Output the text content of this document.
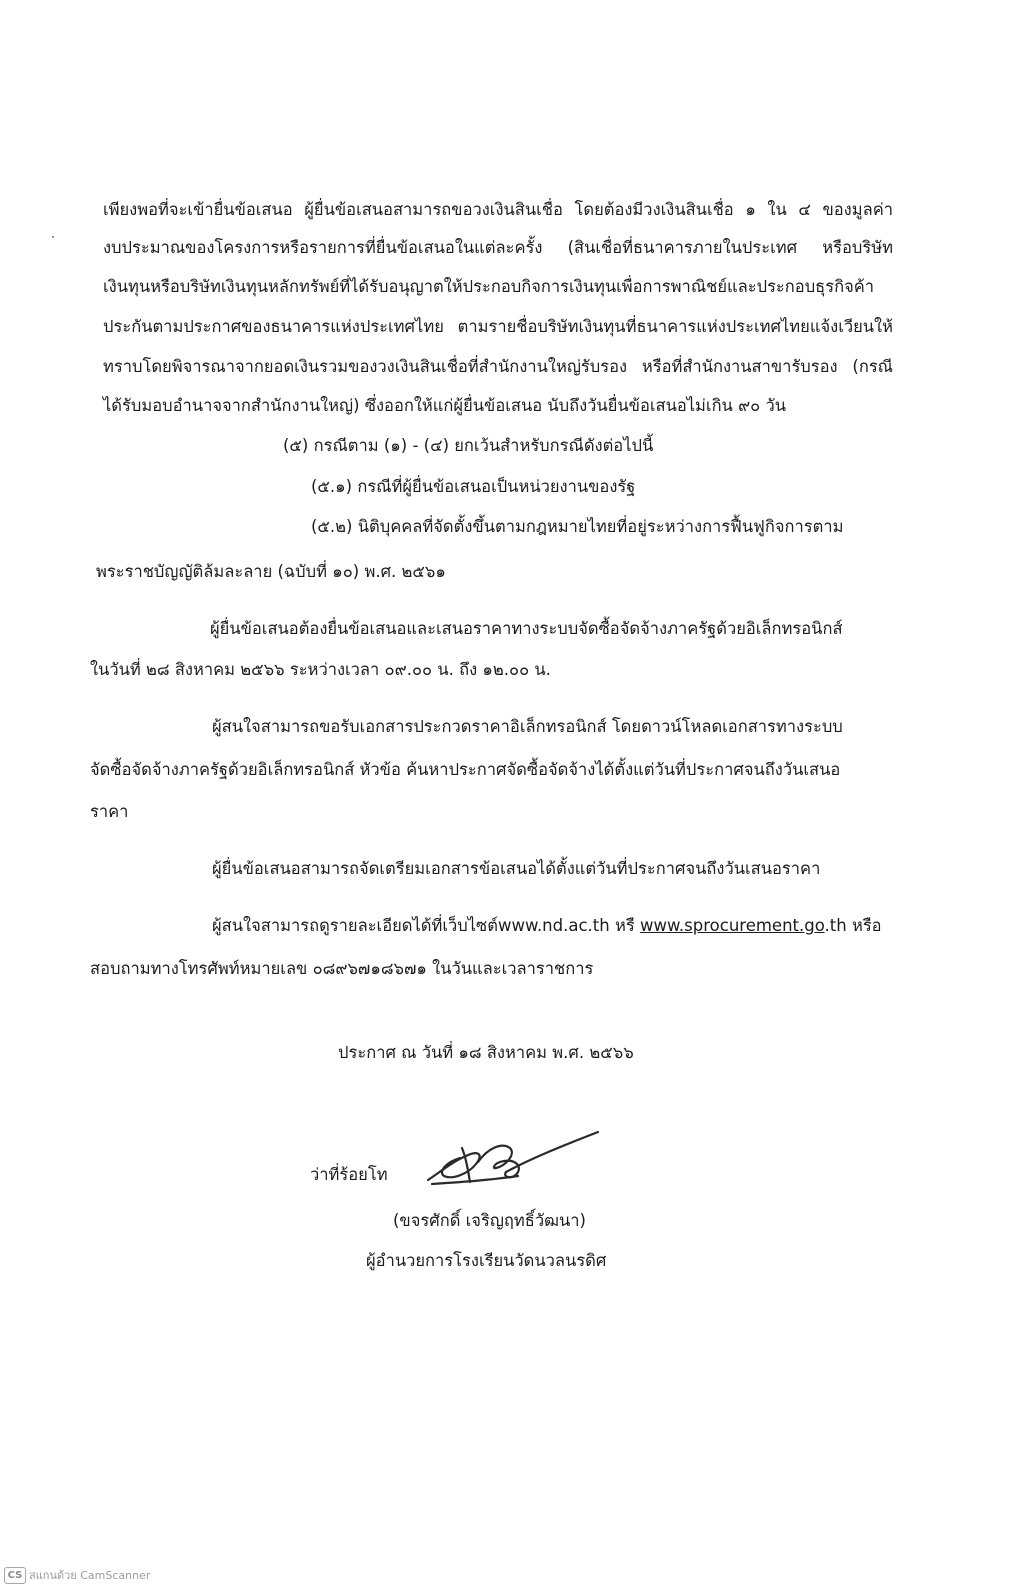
เพียงพอที่จะเข้ายื่นข้อเสนอ ผู้ยื่นข้อเสนอสามารถขอวงเงินสินเชื่อ โดยต้องมีวงเงินสินเชื่อ ๑ ใน ๔ ของมูลค่า
งบประมาณของโครงการหรือรายการที่ยื่นข้อเสนอในแต่ละครั้ง (สินเชื่อที่ธนาคารภายในประเทศ หรือบริษัท
เงินทุนหรือบริษัทเงินทุนหลักทรัพย์ที่ได้รับอนุญาตให้ประกอบกิจการเงินทุนเพื่อการพาณิชย์และประกอบธุรกิจค้า
ประกันตามประกาศของธนาคารแห่งประเทศไทย ตามรายชื่อบริษัทเงินทุนที่ธนาคารแห่งประเทศไทยแจ้งเวียนให้
ทราบโดยพิจารณาจากยอดเงินรวมของวงเงินสินเชื่อที่สำนักงานใหญ่รับรอง หรือที่สำนักงานสาขารับรอง (กรณี
ได้รับมอบอำนาจจากสำนักงานใหญ่) ซึ่งออกให้แก่ผู้ยื่นข้อเสนอ นับถึงวันยื่นข้อเสนอไม่เกิน ๙๐ วัน
(๕) กรณีตาม (๑) - (๔) ยกเว้นสำหรับกรณีดังต่อไปนี้
(๕.๑) กรณีที่ผู้ยื่นข้อเสนอเป็นหน่วยงานของรัฐ
(๕.๒) นิติบุคคลที่จัดตั้งขึ้นตามกฎหมายไทยที่อยู่ระหว่างการฟื้นฟูกิจการตาม
พระราชบัญญัติล้มละลาย (ฉบับที่ ๑๐) พ.ศ. ๒๕๖๑
ผู้ยื่นข้อเสนอต้องยื่นข้อเสนอและเสนอราคาทางระบบจัดซื้อจัดจ้างภาครัฐด้วยอิเล็กทรอนิกส์
ในวันที่ ๒๘ สิงหาคม ๒๕๖๖ ระหว่างเวลา ๐๙.๐๐ น. ถึง ๑๒.๐๐ น.
ผู้สนใจสามารถขอรับเอกสารประกวดราคาอิเล็กทรอนิกส์ โดยดาวน์โหลดเอกสารทางระบบ
จัดซื้อจัดจ้างภาครัฐด้วยอิเล็กทรอนิกส์ หัวข้อ ค้นหาประกาศจัดซื้อจัดจ้างได้ตั้งแต่วันที่ประกาศจนถึงวันเสนอ
ราคา
ผู้ยื่นข้อเสนอสามารถจัดเตรียมเอกสารข้อเสนอได้ตั้งแต่วันที่ประกาศจนถึงวันเสนอราคา
ผู้สนใจสามารถดูรายละเอียดได้ที่เว็บไซต์www.nd.ac.th หรื www.sprocurement.go.th หรือ
สอบถามทางโทรศัพท์หมายเลข ๐๘๙๖๗๑๘๖๗๑ ในวันและเวลาราชการ
ประกาศ ณ วันที่ ๑๘ สิงหาคม พ.ศ. ๒๕๖๖
ว่าที่ร้อยโท
(ขจรศักดิ์ เจริญฤทธิ์วัฒนา)
ผู้อำนวยการโรงเรียนวัดนวลนรดิศ
CS สแกนด้วย CamScanner
